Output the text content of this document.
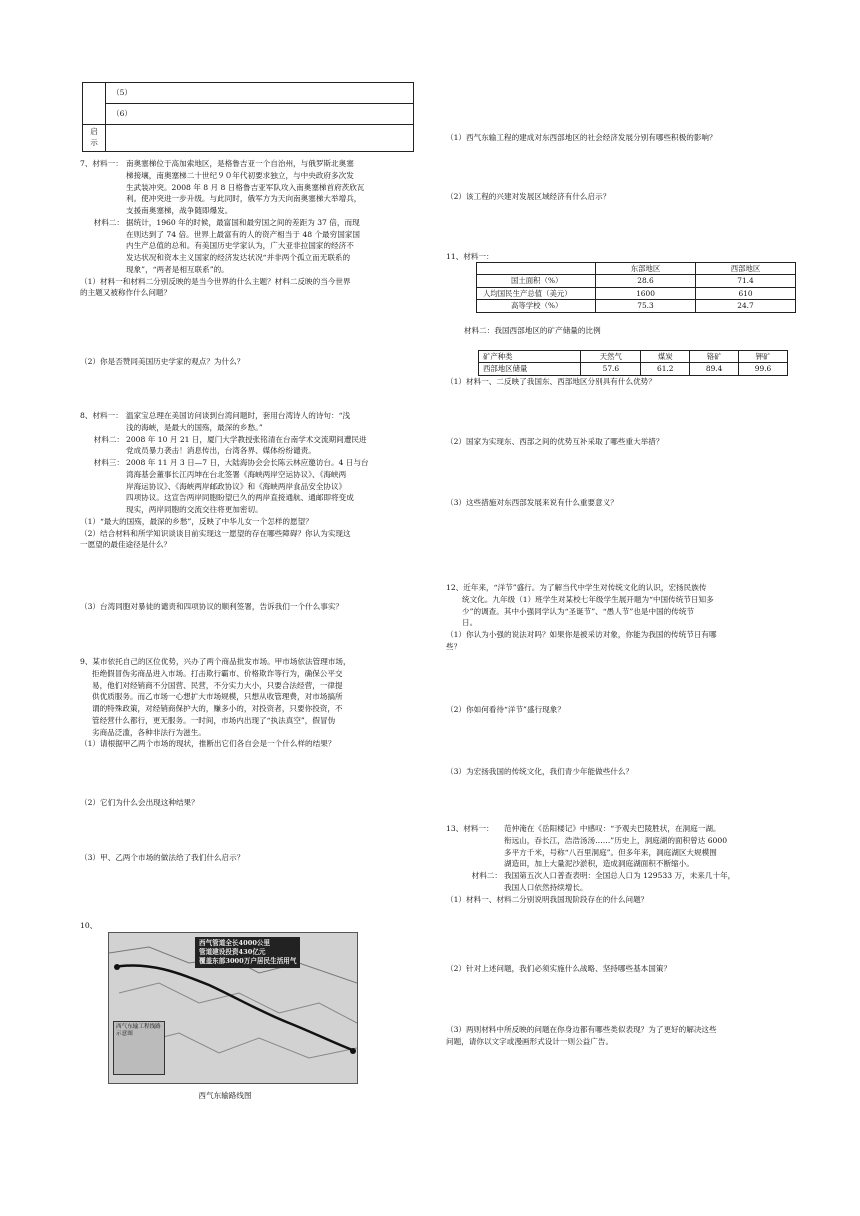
	（5）
	（6）
启
示	
7、材料一： 南奥塞梯位于高加索地区，是格鲁吉亚一个自治州，与俄罗斯北奥塞
梯接壤，南奥塞梯二十世纪９０年代初要求独立，与中央政府多次发
生武装冲突。2008 年 8 月 8 日格鲁吉亚军队攻入南奥塞梯首府茨欣瓦
利。使冲突进一步升级。与此同时，俄军方为天向南奥塞梯大举增兵，
支援南奥塞梯，战争随即爆发。
材料二： 据统计，1960 年的时候，最富国和最穷国之间的差距为 37 倍，而现
在则达到了 74 倍。世界上最富有的人的资产相当于 48 个最穷国家国
内生产总值的总和。有美国历史学家认为，广大亚非拉国家的经济不
发达状况和资本主义国家的经济发达状况“并非两个孤立而无联系的
现象”，“两者是相互联系”的。
（1）材料一和材料二分别反映的是当今世界的什么主题？材料二反映的当今世界
的主题又被称作什么问题？
（2）你是否赞同美国历史学家的观点？为什么？
8、材料一： 温家宝总理在美国访问谈到台湾问题时，套用台湾诗人的诗句：“浅
浅的海峡，是最大的国殇，最深的乡愁。”
材料二： 2008 年 10 月 21 日，厦门大学教授张铭清在台南学术交流期间遭民进
党成员暴力袭击！消息传出，台湾各界、媒体纷纷谴责。
材料三： 2008 年 11 月 3 日—7 日，大陆海协会会长陈云林应邀访台。4 日与台
湾海基会董事长江丙坤在台北签署《海峡两岸空运协议》、《海峡两
岸海运协议》、《海峡两岸邮政协议》和《海峡两岸食品安全协议》
四项协议。这宣告两岸同胞盼望已久的两岸直接通航、通邮即将变成
现实，两岸同胞的交流交往将更加密切。
（1）“最大的国殇，最深的乡愁”，反映了中华儿女一个怎样的愿望？
（2）结合材料和所学知识谈谈目前实现这一愿望的存在哪些障碍？你认为实现这
一愿望的最佳途径是什么？
（3）台湾同胞对暴徒的谴责和四项协议的顺利签署，告诉我们一个什么事实？
9、某市依托自己的区位优势，兴办了两个商品批发市场。甲市场依法管理市场，
拒绝假冒伪劣商品进入市场。打击欺行霸市、价格欺诈等行为，确保公平交
易，他们对经销商不分国营、民营，不分实力大小，只要合法经营，一律提
供优质服务。而乙市场一心想扩大市场规模，只想从收管理费，对市场搞所
谓的特殊政策，对经销商保护大的，赚多小的，对投资者，只要你投资，不
管经营什么都行，更无服务。一时间，市场内出现了“执法真空”，假冒伪
劣商品泛滥，各种非法行为滋生。
（1）请根据甲乙两个市场的现状，推断出它们各自会是一个什么样的结果？
（2）它们为什么会出现这种结果？
（3）甲、乙两个市场的做法给了我们什么启示？
10、
西气管道全长4000公里
管道建设投资430亿元
覆盖东部3000万户居民生活用气
西气东输工程线路示意图
西气东输路线图
（1）西气东输工程的建成对东西部地区的社会经济发展分别有哪些积极的影响？
（2）该工程的兴建对发展区域经济有什么启示？
11、材料一：
	东部地区	西部地区
国土面积（%）	28.6	71.4
人均国民生产总值（美元）	1600	610
高等学校（%）	75.3	24.7
材料二：我国西部地区的矿产储量的比例
矿产种类	天然气	煤炭	铬矿	钾矿
西部地区储量	57.6	61.2	89.4	99.6
（1）材料一、二反映了我国东、西部地区分别具有什么优势？
（2）国家为实现东、西部之间的优势互补采取了哪些重大举措？
（3）这些措施对东西部发展来说有什么重要意义？
12、近年来，“洋节”盛行。为了解当代中学生对传统文化的认识，宏扬民族传
统文化。九年级（1）班学生对某校七年级学生展开题为“中国传统节日知多
少”的调查。其中小强同学认为“圣诞节”、“愚人节”也是中国的传统节
日。
（1）你认为小强的说法对吗？如果你是被采访对象，你能为我国的传统节日有哪
些？
（2）你如何看待“洋节”盛行现象？
（3）为宏扬我国的传统文化，我们青少年能做些什么？
13、材料一：	范仲淹在《岳阳楼记》中感叹：“予观夫巴陵胜状，在洞庭一湖。
衔远山，吞长江，浩浩汤汤……”历史上，洞庭湖的面积曾达 6000
多平方千米，号称“八百里洞庭”。但多年来，洞庭湖区大规模围
湖造田，加上大量泥沙淤积，造成洞庭湖面积不断缩小。
材料二： 我国第五次人口普查表明：全国总人口为 129533 万，未来几十年，
我国人口依然持续增长。
（1）材料一、材料二分别说明我国现阶段存在的什么问题？
（2）针对上述问题，我们必须实施什么战略、坚持哪些基本国策？
（3）两则材料中所反映的问题在你身边都有哪些类似表现？为了更好的解决这些
问题，请你以文字或漫画形式设计一则公益广告。
